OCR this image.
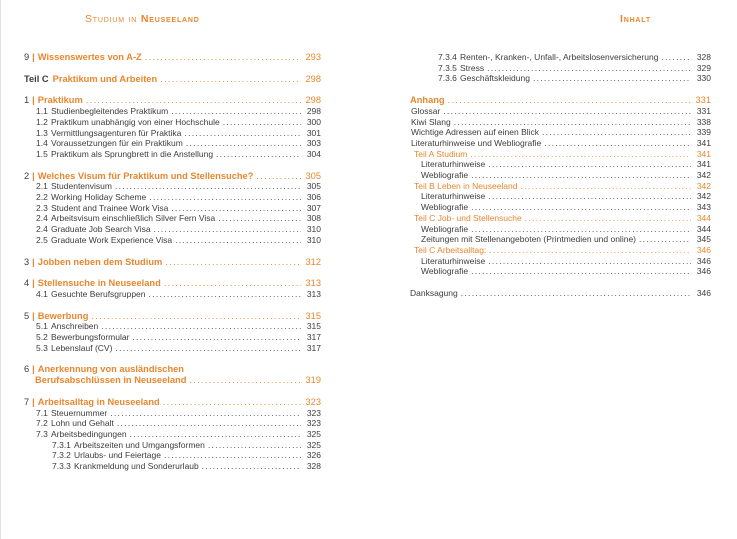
Studium in Neuseeland
9 | Wissenswertes von A-Z .....	293
Teil C Praktikum und Arbeiten .....	298
1 | Praktikum .....	298
1.1 Studienbegleitendes Praktikum .....	298
1.2 Praktikum unabhängig von einer Hochschule .....	300
1.3 Vermittlungsagenturen für Praktika .....	301
1.4 Voraussetzungen für ein Praktikum .....	303
1.5 Praktikum als Sprungbrett in die Anstellung .....	304
2 | Welches Visum für Praktikum und Stellensuche? .....	305
2.1 Studentenvisum .....	305
2.2 Working Holiday Scheme .....	306
2.3 Student and Trainee Work Visa .....	307
2.4 Arbeitsvisum einschließlich Silver Fern Visa .....	308
2.4 Graduate Job Search Visa .....	310
2.5 Graduate Work Experience Visa .....	310
3 | Jobben neben dem Studium .....	312
4 | Stellensuche in Neuseeland .....	313
4.1 Gesuchte Berufsgruppen .....	313
5 | Bewerbung .....	315
5.1 Anschreiben .....	315
5.2 Bewerbungsformular .....	317
5.3 Lebenslauf (CV) .....	317
6 | Anerkennung von ausländischen
Berufsabschlüssen in Neuseeland .....	319
7 | Arbeitsalltag in Neuseeland .....	323
7.1 Steuernummer .....	323
7.2 Lohn und Gehalt .....	323
7.3 Arbeitsbedingungen .....	325
7.3.1 Arbeitszeiten und Umgangsformen .....	325
7.3.2 Urlaubs- und Feiertage .....	326
7.3.3 Krankmeldung und Sonderurlaub .....	328
Inhalt
7.3.4 Renten-, Kranken-, Unfall-, Arbeitslosenversicherung .....	328
7.3.5 Stress .....	329
7.3.6 Geschäftskleidung .....	330
Anhang .....	331
Glossar .....	331
Kiwi Slang .....	338
Wichtige Adressen auf einen Blick .....	339
Literaturhinweise und Webliografie .....	341
Teil A Studium .....	341
Literaturhinweise .....	341
Webliografie .....	342
Teil B Leben in Neuseeland .....	342
Literaturhinweise .....	342
Webliografie .....	343
Teil C Job- und Stellensuche .....	344
Webliografie .....	344
Zeitungen mit Stellenangeboten (Printmedien und online) .....	345
Teil C Arbeitsalltag: .....	346
Literaturhinweise .....	346
Webliografie .....	346
Danksagung .....	346
